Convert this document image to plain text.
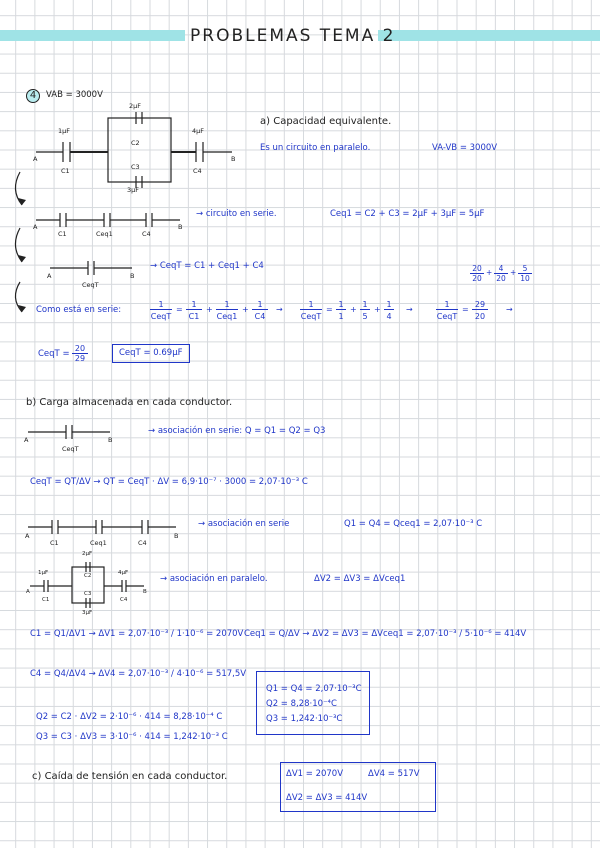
PROBLEMAS TEMA 2
4	VAB = 3000V
1μF
C1
2μF
C2
C3
3μF
4μF
C4
A	B
a) Capacidad equivalente.
Es un circuito en paralelo.	VA-VB = 3000V
A
C1	Ceq1	C4
B
→ circuito en serie.	Ceq1 = C2 + C3 = 2μF + 3μF = 5μF
A	B
CeqT
→ CeqT = C1 + Ceq1 + C4	20
20
+ 4
20
+ 5
10
Como está en serie:
1
CeqT
=
1
C1
+
1
Ceq1
+
1
C4
→
1
CeqT
=
1
1
+
1
5
+
1
4
→
1
CeqT
=
29
20
→
CeqT =
20
29
CeqT = 0.69μF
b) Carga almacenada en cada conductor.
A	B
CeqT
→ asociación en serie: Q = Q1 = Q2 = Q3
CeqT = QT/ΔV → QT = CeqT · ΔV = 6,9·10⁻⁷ · 3000 = 2,07·10⁻³ C
A
C1	Ceq1	C4
B
→ asociación en serie	Q1 = Q4 = Qceq1 = 2,07·10⁻³ C
1μF
2μF
3μF
4μF
A	B
C1	C4
C2
C3
→ asociación en paralelo.	ΔV2 = ΔV3 = ΔVceq1
C1 = Q1/ΔV1 → ΔV1 = 2,07·10⁻³ / 1·10⁻⁶ = 2070V Ceq1 = Q/ΔV → ΔV2 = ΔV3 = ΔVceq1 = 2,07·10⁻³ / 5·10⁻⁶ = 414V
C4 = Q4/ΔV4 → ΔV4 = 2,07·10⁻³ / 4·10⁻⁶ = 517,5V
Q2 = C2 · ΔV2 = 2·10⁻⁶ · 414 = 8,28·10⁻⁴ C
Q3 = C3 · ΔV3 = 3·10⁻⁶ · 414 = 1,242·10⁻³ C
Q1 = Q4 = 2,07·10⁻³C
Q2 = 8,28·10⁻⁴C
Q3 = 1,242·10⁻³C
c) Caída de tensión en cada conductor.	ΔV1 = 2070V	ΔV4 = 517V
ΔV2 = ΔV3 = 414V
